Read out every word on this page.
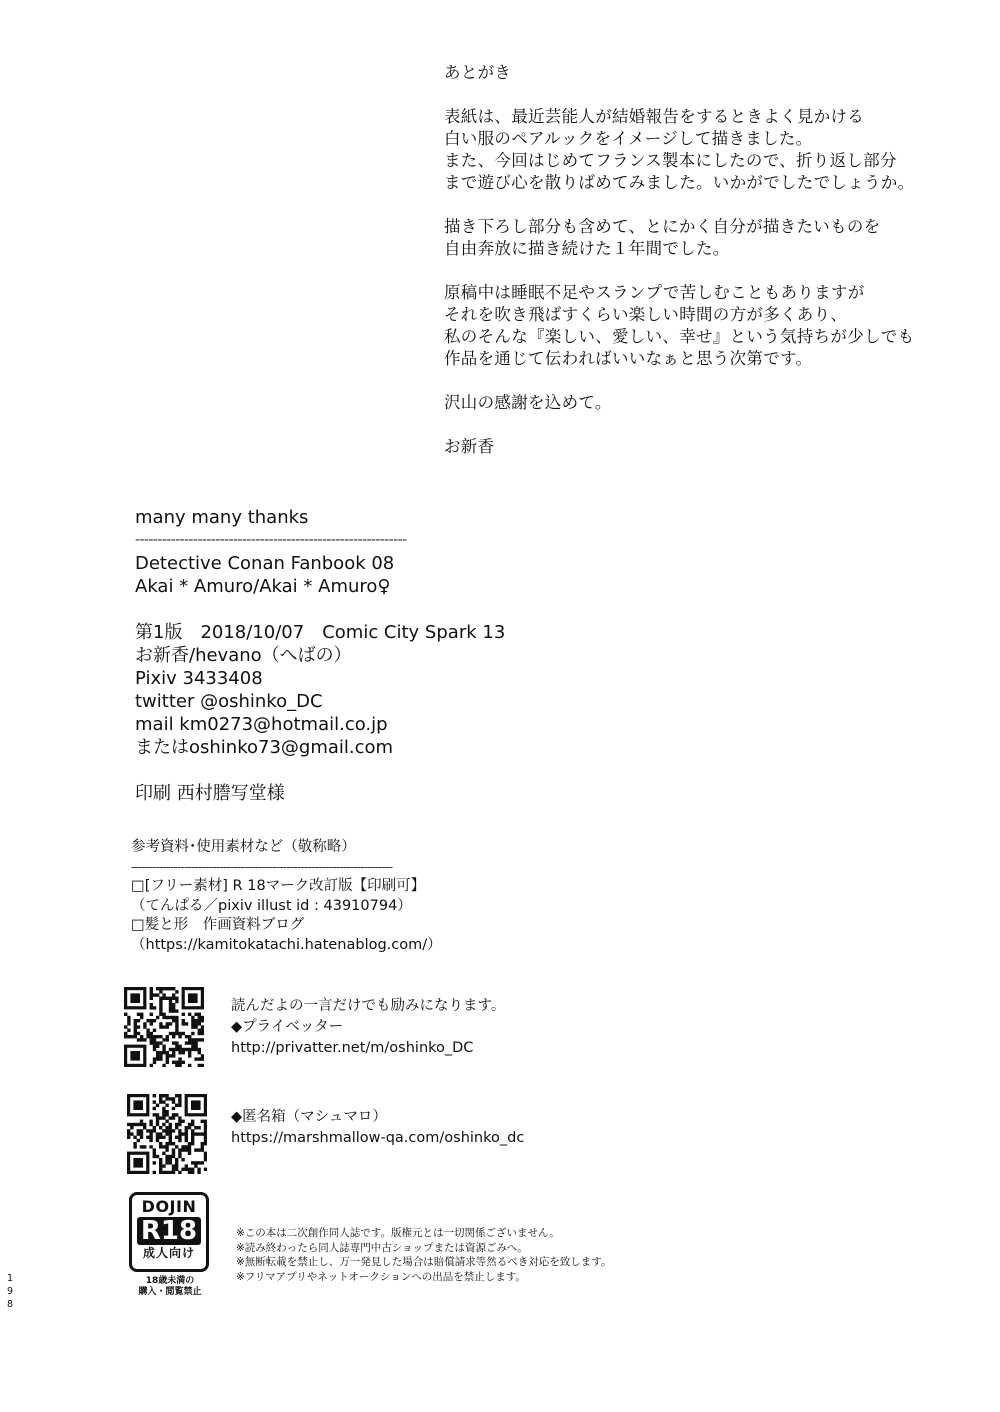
あとがき
表紙は、最近芸能人が結婚報告をするときよく見かける
白い服のペアルックをイメージして描きました。
また、今回はじめてフランス製本にしたので、折り返し部分
まで遊び心を散りばめてみました。いかがでしたでしょうか。
描き下ろし部分も含めて、とにかく自分が描きたいものを
自由奔放に描き続けた１年間でした。
原稿中は睡眠不足やスランプで苦しむこともありますが
それを吹き飛ばすくらい楽しい時間の方が多くあり、
私のそんな『楽しい、愛しい、幸せ』という気持ちが少しでも
作品を通じて伝わればいいなぁと思う次第です。
沢山の感謝を込めて。
お新香
many many thanks
-------------------------------------------------------------
Detective Conan Fanbook 08
Akai * Amuro/Akai * Amuro♀
第1版　2018/10/07　Comic City Spark 13
お新香/hevano（へばの）
Pixiv 3433408
twitter @oshinko_DC
mail km0273@hotmail.co.jp
またはoshinko73@gmail.com
印刷 西村謄写堂様
参考資料･使用素材など（敬称略）
--------------------------------------------------------------------------
□[フリー素材] R 18マーク改訂版【印刷可】
（てんぱる／pixiv illust id : 43910794）
□髪と形　作画資料ブログ
（https://kamitokatachi.hatenablog.com/）
読んだよの一言だけでも励みになります。
◆プライベッター
http://privatter.net/m/oshinko_DC
◆匿名箱（マシュマロ）
https://marshmallow-qa.com/oshinko_dc
DOJIN
R18
成人向け
18歳未満の
購入・閲覧禁止
※この本は二次創作同人誌です。版権元とは一切関係ございません。
※読み終わったら同人誌専門中古ショップまたは資源ごみへ。
※無断転載を禁止し、万一発見した場合は賠償請求等然るべき対応を致します。
※フリマアプリやネットオークションへの出品を禁止します。
1
9
8
